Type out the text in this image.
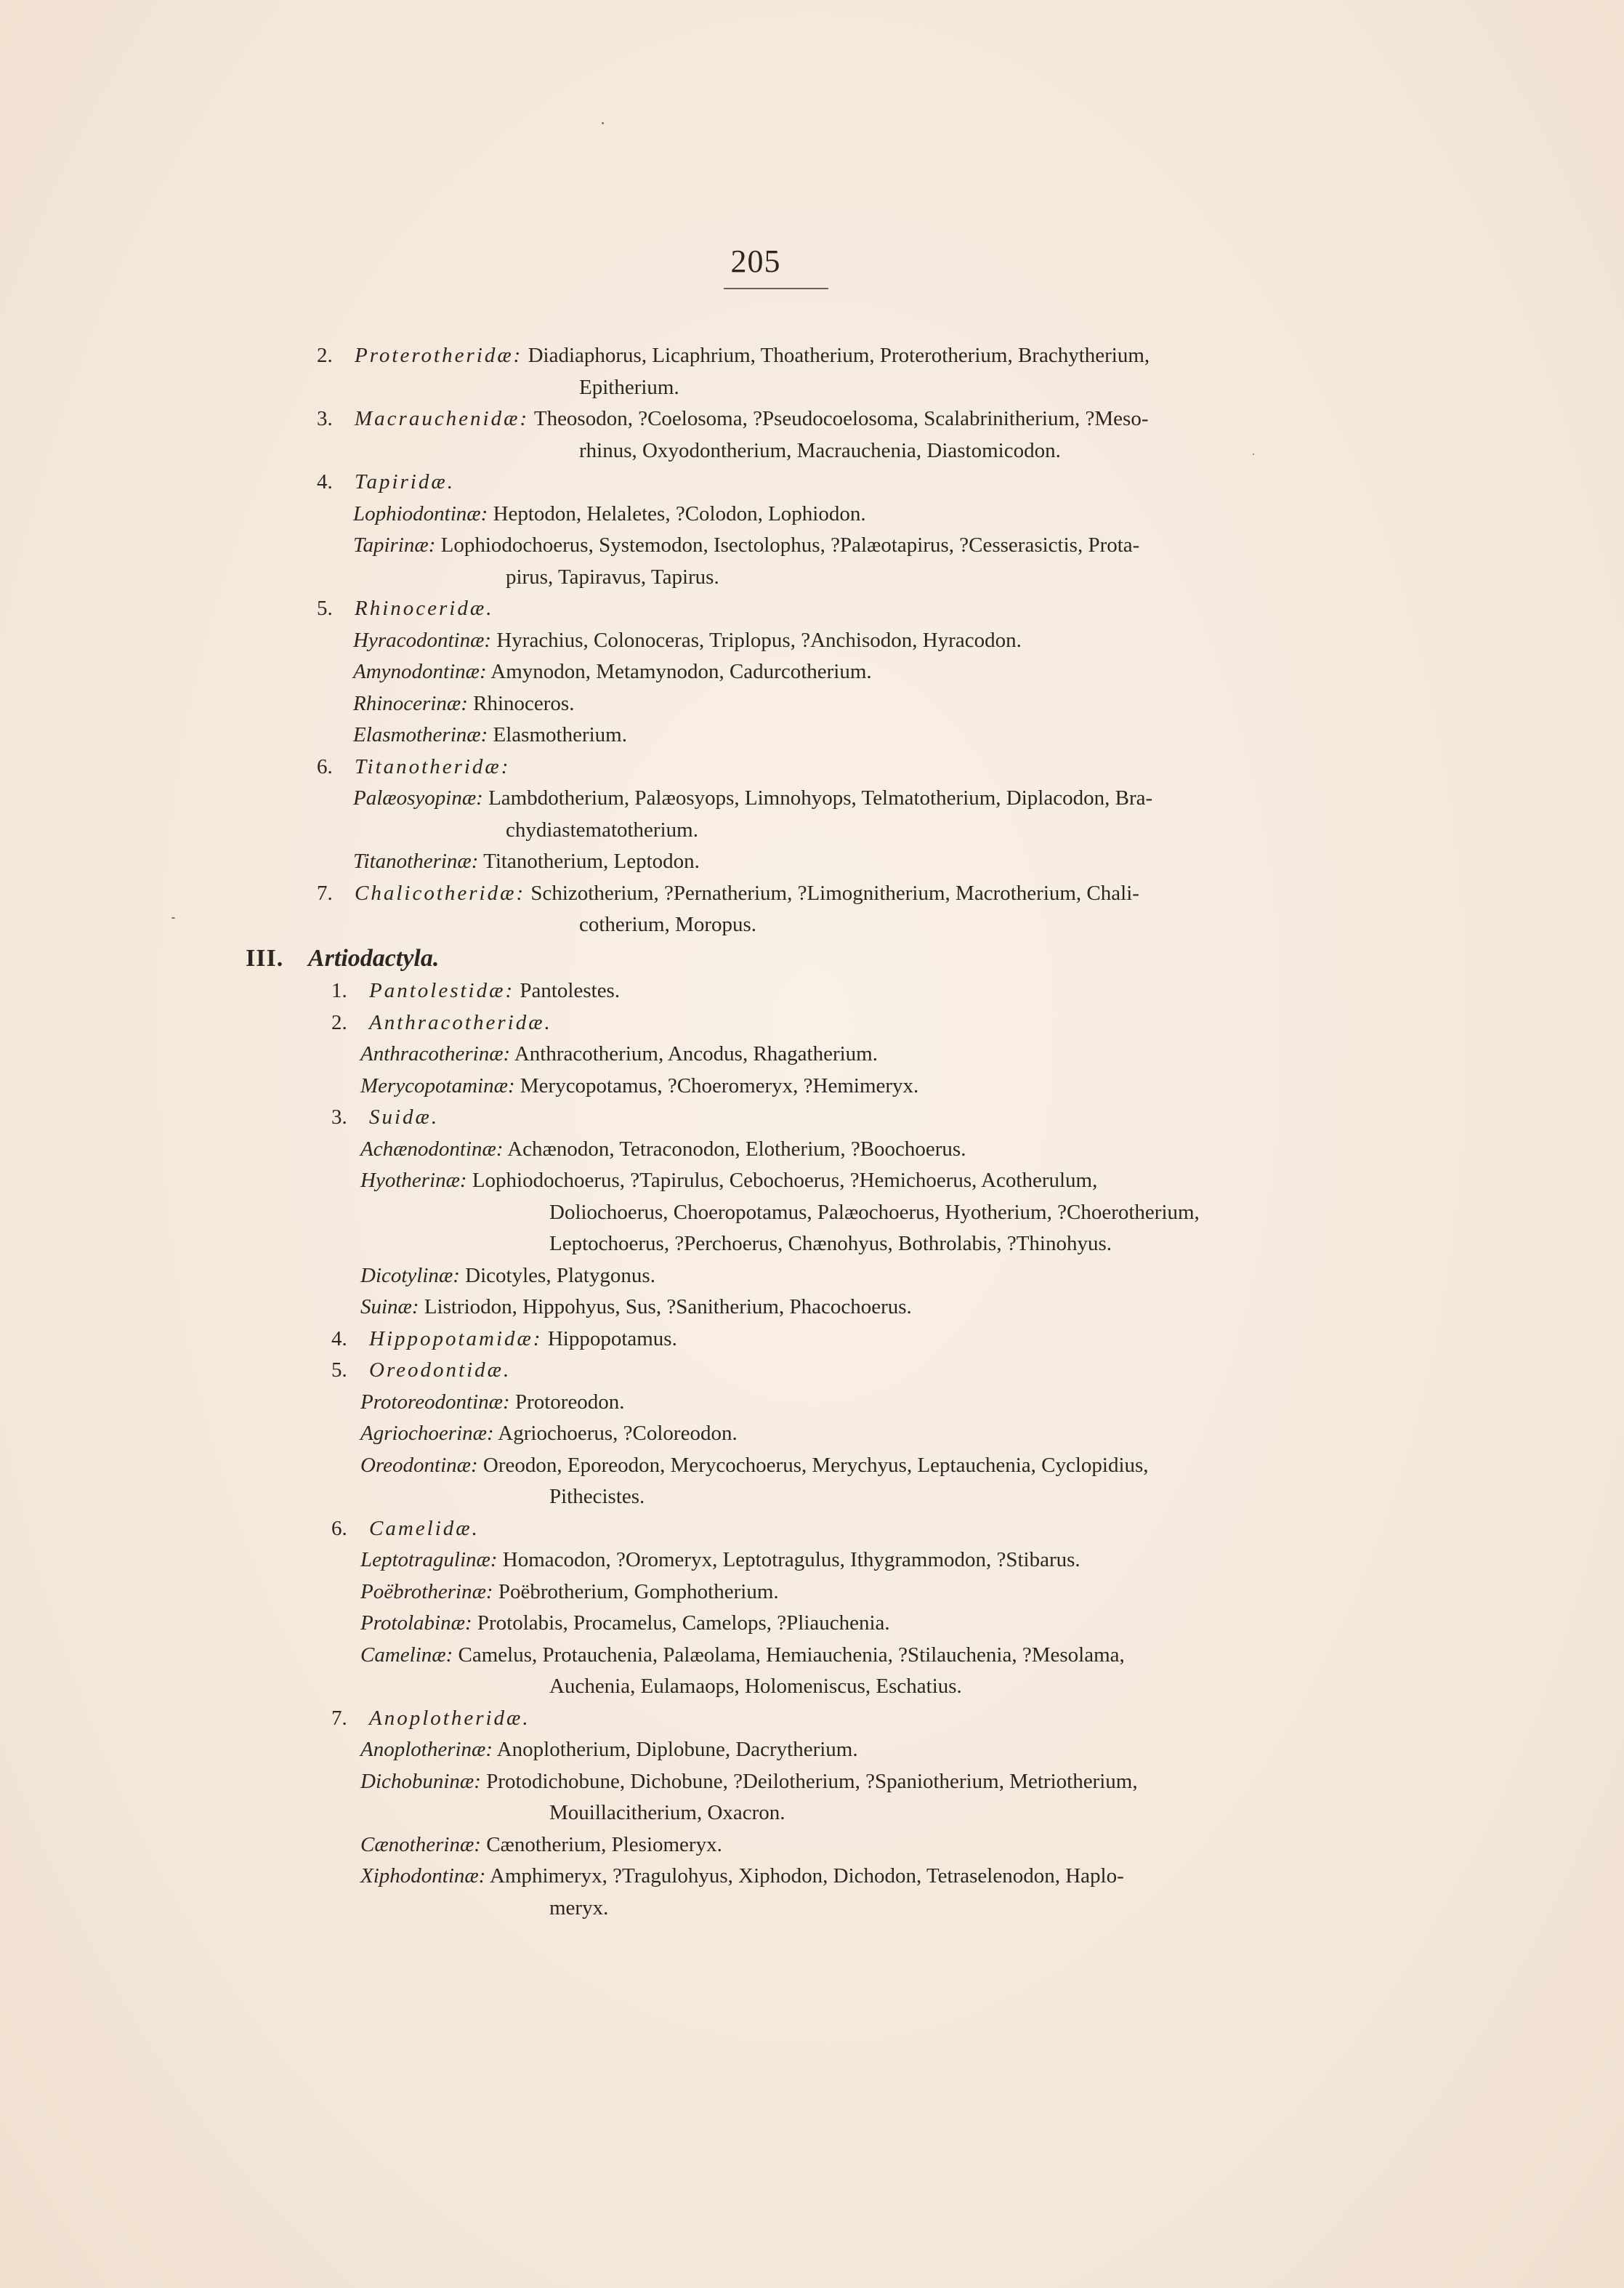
205
2. Proterotheridæ: Diadiaphorus, Licaphrium, Thoatherium, Proterotherium, Brachytherium,
Epitherium.
3. Macrauchenidæ: Theosodon, ?Coelosoma, ?Pseudocoelosoma, Scalabrinitherium, ?Meso-
rhinus, Oxyodontherium, Macrauchenia, Diastomicodon.
4. Tapiridæ.
Lophiodontinæ: Heptodon, Helaletes, ?Colodon, Lophiodon.
Tapirinæ: Lophiodochoerus, Systemodon, Isectolophus, ?Palæotapirus, ?Cesserasictis, Prota-
pirus, Tapiravus, Tapirus.
5. Rhinoceridæ.
Hyracodontinæ: Hyrachius, Colonoceras, Triplopus, ?Anchisodon, Hyracodon.
Amynodontinæ: Amynodon, Metamynodon, Cadurcotherium.
Rhinocerinæ: Rhinoceros.
Elasmotherinæ: Elasmotherium.
6. Titanotheridæ:
Palæosyopinæ: Lambdotherium, Palæosyops, Limnohyops, Telmatotherium, Diplacodon, Bra-
chydiastematotherium.
Titanotherinæ: Titanotherium, Leptodon.
7. Chalicotheridæ: Schizotherium, ?Pernatherium, ?Limognitherium, Macrotherium, Chali-
cotherium, Moropus.
III. Artiodactyla.
1. Pantolestidæ: Pantolestes.
2. Anthracotheridæ.
Anthracotherinæ: Anthracotherium, Ancodus, Rhagatherium.
Merycopotaminæ: Merycopotamus, ?Choeromeryx, ?Hemimeryx.
3. Suidæ.
Achænodontinæ: Achænodon, Tetraconodon, Elotherium, ?Boochoerus.
Hyotherinæ: Lophiodochoerus, ?Tapirulus, Cebochoerus, ?Hemichoerus, Acotherulum,
Doliochoerus, Choeropotamus, Palæochoerus, Hyotherium, ?Choerotherium,
Leptochoerus, ?Perchoerus, Chænohyus, Bothrolabis, ?Thinohyus.
Dicotylinæ: Dicotyles, Platygonus.
Suinæ: Listriodon, Hippohyus, Sus, ?Sanitherium, Phacochoerus.
4. Hippopotamidæ: Hippopotamus.
5. Oreodontidæ.
Protoreodontinæ: Protoreodon.
Agriochoerinæ: Agriochoerus, ?Coloreodon.
Oreodontinæ: Oreodon, Eporeodon, Merycochoerus, Merychyus, Leptauchenia, Cyclopidius,
Pithecistes.
6. Camelidæ.
Leptotragulinæ: Homacodon, ?Oromeryx, Leptotragulus, Ithygrammodon, ?Stibarus.
Poëbrotherinæ: Poëbrotherium, Gomphotherium.
Protolabinæ: Protolabis, Procamelus, Camelops, ?Pliauchenia.
Camelinæ: Camelus, Protauchenia, Palæolama, Hemiauchenia, ?Stilauchenia, ?Mesolama,
Auchenia, Eulamaops, Holomeniscus, Eschatius.
7. Anoplotheridæ.
Anoplotherinæ: Anoplotherium, Diplobune, Dacrytherium.
Dichobuninæ: Protodichobune, Dichobune, ?Deilotherium, ?Spaniotherium, Metriotherium,
Mouillacitherium, Oxacron.
Cænotherinæ: Cænotherium, Plesiomeryx.
Xiphodontinæ: Amphimeryx, ?Tragulohyus, Xiphodon, Dichodon, Tetraselenodon, Haplo-
meryx.
